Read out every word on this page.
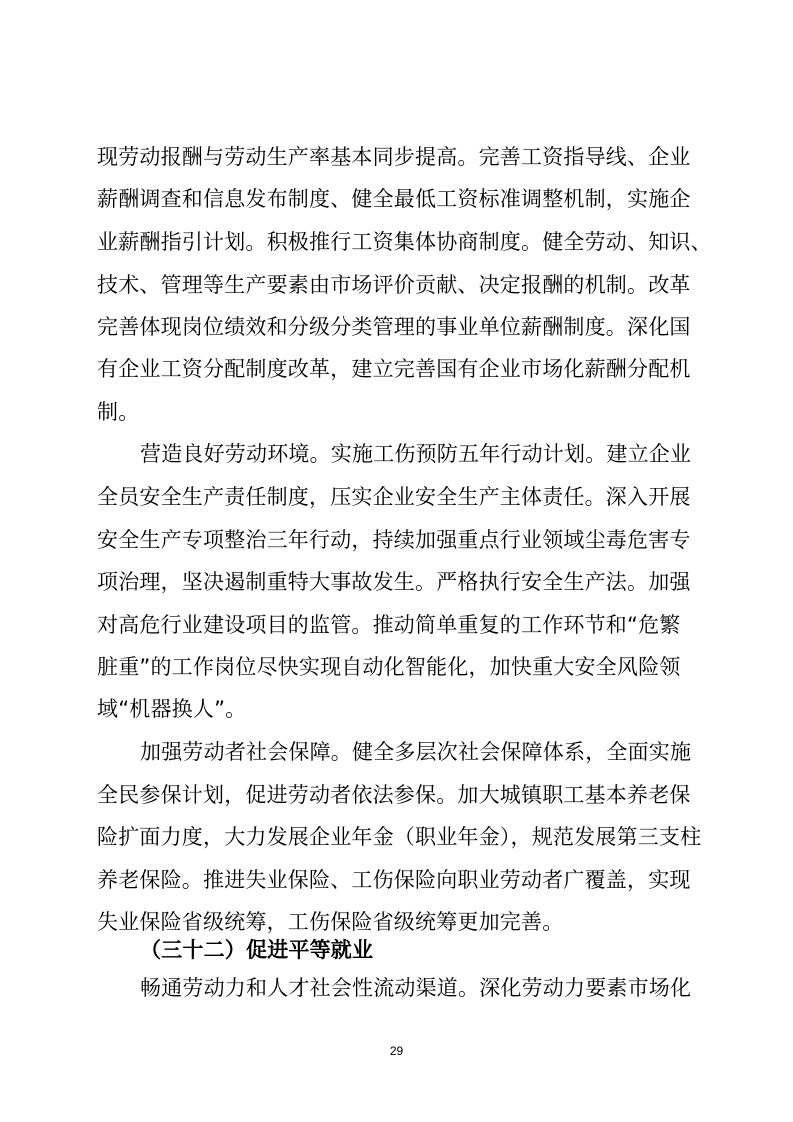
现劳动报酬与劳动生产率基本同步提高。完善工资指导线、企业
薪酬调查和信息发布制度、健全最低工资标准调整机制，实施企
业薪酬指引计划。积极推行工资集体协商制度。健全劳动、知识、
技术、管理等生产要素由市场评价贡献、决定报酬的机制。改革
完善体现岗位绩效和分级分类管理的事业单位薪酬制度。深化国
有企业工资分配制度改革，建立完善国有企业市场化薪酬分配机
制。
营造良好劳动环境。实施工伤预防五年行动计划。建立企业
全员安全生产责任制度，压实企业安全生产主体责任。深入开展
安全生产专项整治三年行动，持续加强重点行业领域尘毒危害专
项治理，坚决遏制重特大事故发生。严格执行安全生产法。加强
对高危行业建设项目的监管。推动简单重复的工作环节和“危繁
脏重”的工作岗位尽快实现自动化智能化，加快重大安全风险领
域“机器换人”。
加强劳动者社会保障。健全多层次社会保障体系，全面实施
全民参保计划，促进劳动者依法参保。加大城镇职工基本养老保
险扩面力度，大力发展企业年金（职业年金），规范发展第三支柱
养老保险。推进失业保险、工伤保险向职业劳动者广覆盖，实现
失业保险省级统筹，工伤保险省级统筹更加完善。
（三十二）促进平等就业
畅通劳动力和人才社会性流动渠道。深化劳动力要素市场化
29
